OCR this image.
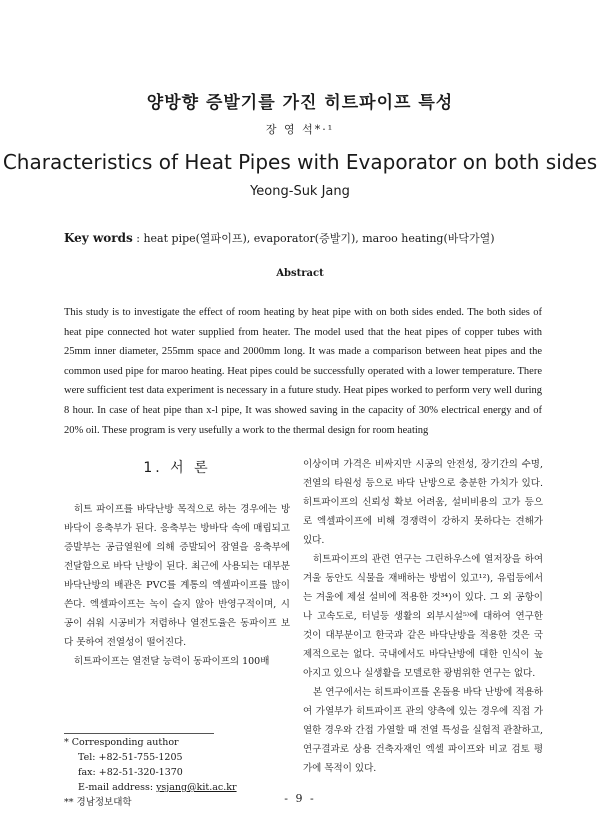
양방향 증발기를 가진 히트파이프 특성
장 영 석*·¹
Characteristics of Heat Pipes with Evaporator on both sides
Yeong-Suk Jang
Key words : heat pipe(열파이프), evaporator(증발기), maroo heating(바닥가열)
Abstract
This study is to investigate the effect of room heating by heat pipe with on both sides ended. The both sides of heat pipe connected hot water supplied from heater. The model used that the heat pipes of copper tubes with 25mm inner diameter, 255mm space and 2000mm long. It was made a comparison between heat pipes and the common used pipe for maroo heating. Heat pipes could be successfully operated with a lower temperature. There were sufficient test data experiment is necessary in a future study. Heat pipes worked to perform very well during 8 hour. In case of heat pipe than x-l pipe, It was showed saving in the capacity of 30% electrical energy and of 20% oil. These program is very usefully a work to the thermal design for room heating
1. 서 론

히트 파이프를 바닥난방 목적으로 하는 경우에는 방바닥이 응축부가 된다. 응축부는 방바닥 속에 매립되고 증발부는 공급열원에 의해 증발되어 잠열을 응축부에 전달함으로 바닥 난방이 된다. 최근에 사용되는 대부분 바닥난방의 배관은 PVC를 계통의 엑셀파이프를 많이 쓴다. 엑셀파이프는 녹이 슬지 않아 반영구적이며, 시공이 쉬워 시공비가 저렴하나 열전도율은 동파이프 보다 못하여 전열성이 떨어진다.

히트파이프는 열전달 능력이 동파이프의 100배

이상이며 가격은 비싸지만 시공의 안전성, 장기간의 수명, 전열의 타원성 등으로 바닥 난방으로 충분한 가치가 있다. 히트파이프의 신뢰성 확보 어려움, 설비비용의 고가 등으로 엑셀파이프에 비해 경쟁력이 강하지 못하다는 견해가 있다.

히트파이프의 관련 연구는 그린하우스에 열저장을 하여 겨울 동안도 식물을 재배하는 방법이 있고¹²), 유럽등에서는 겨울에 제설 설비에 적용한 것³⁴)이 있다. 그 외 공항이나 고속도로, 터널등 생활의 외부시설⁵⁾에 대하여 연구한 것이 대부분이고 한국과 같은 바닥난방을 적용한 것은 국제적으로는 없다. 국내에서도 바닥난방에 대한 인식이 높아지고 있으나 실생활을 모델로한 광범위한 연구는 없다.

본 연구에서는 히트파이프를 온돌용 바닥 난방에 적용하여 가열부가 히트파이프 관의 양측에 있는 경우에 직접 가열한 경우와 간접 가열할 때 전열 특성을 실험적 관찰하고, 연구결과로 상용 건축자재인 엑셀 파이프와 비교 검토 평가에 목적이 있다.

* Corresponding author
Tel: +82-51-755-1205
fax: +82-51-320-1370
E-mail address: ysjang@kit.ac.kr
** 경남정보대학	- 9 -
